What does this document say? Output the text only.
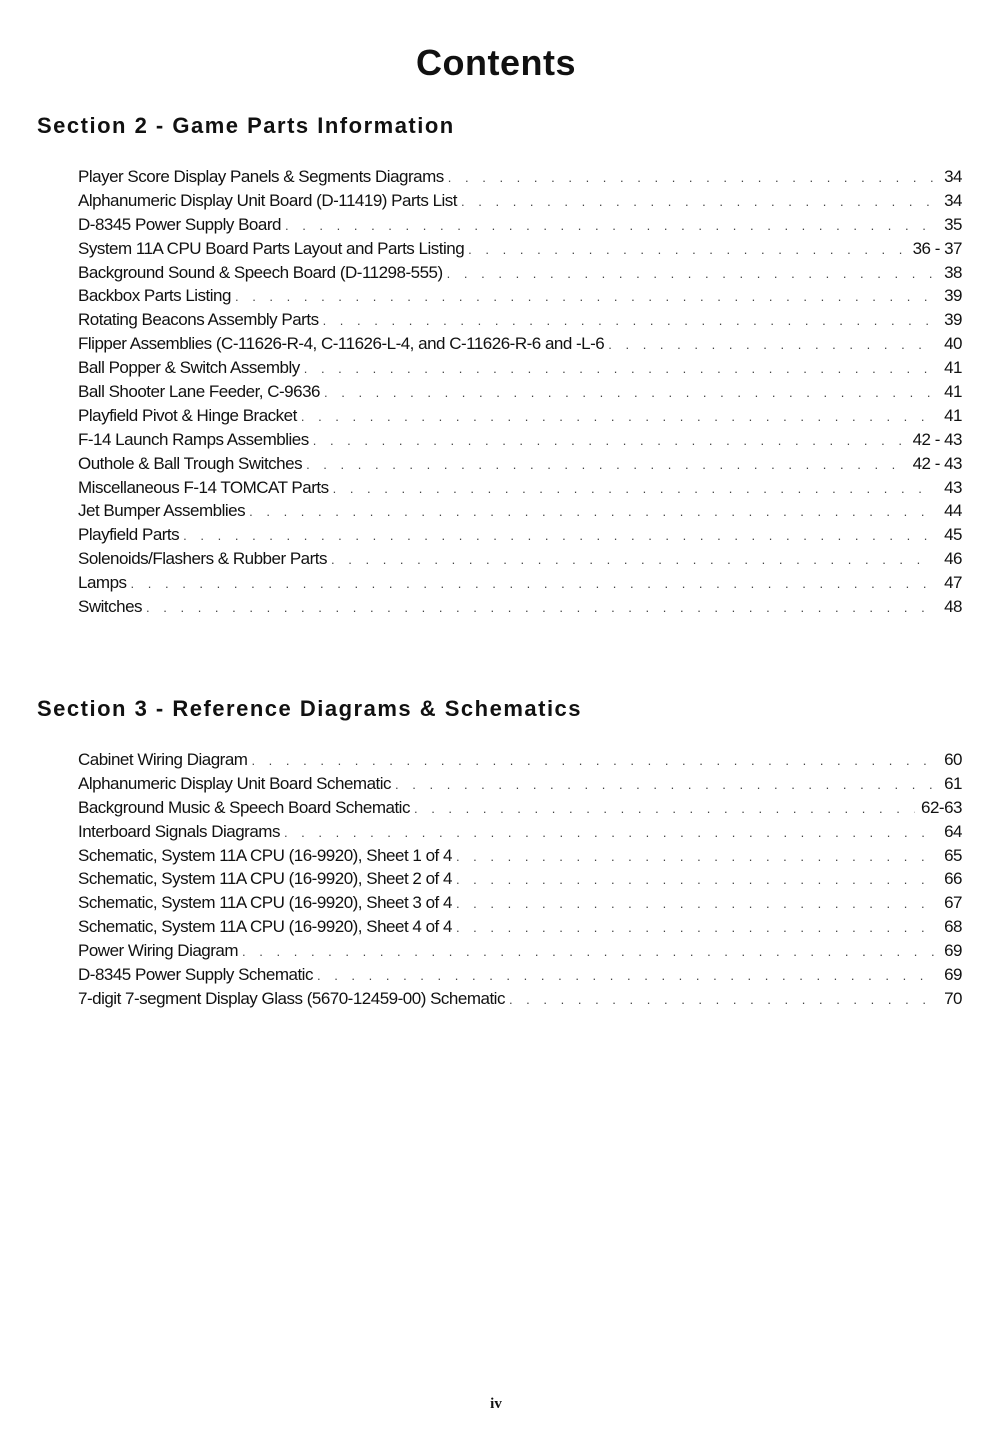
Contents
Section 2 - Game Parts Information
Player Score Display Panels & Segments Diagrams . . .	34
Alphanumeric Display Unit Board (D-11419) Parts List . . .	34
D-8345 Power Supply Board . . .	35
System 11A CPU Board Parts Layout and Parts Listing . . .	36 - 37
Background Sound & Speech Board (D-11298-555) . . .	38
Backbox Parts Listing . . .	39
Rotating Beacons Assembly Parts . . .	39
Flipper Assemblies (C-11626-R-4, C-11626-L-4, and C-11626-R-6 and -L-6 . . .	40
Ball Popper & Switch Assembly . . .	41
Ball Shooter Lane Feeder, C-9636 . . .	41
Playfield Pivot & Hinge Bracket . . .	41
F-14 Launch Ramps Assemblies . . .	42 - 43
Outhole & Ball Trough Switches . . .	42 - 43
Miscellaneous F-14 TOMCAT Parts . . .	43
Jet Bumper Assemblies . . .	44
Playfield Parts . . .	45
Solenoids/Flashers & Rubber Parts . . .	46
Lamps . . .	47
Switches . . .	48
Section 3 - Reference Diagrams & Schematics
Cabinet Wiring Diagram . . .	60
Alphanumeric Display Unit Board Schematic . . .	61
Background Music & Speech Board Schematic . . .	62-63
Interboard Signals Diagrams . . .	64
Schematic, System 11A CPU (16-9920), Sheet 1 of 4 . . .	65
Schematic, System 11A CPU (16-9920), Sheet 2 of 4 . . .	66
Schematic, System 11A CPU (16-9920), Sheet 3 of 4 . . .	67
Schematic, System 11A CPU (16-9920), Sheet 4 of 4 . . .	68
Power Wiring Diagram . . .	69
D-8345 Power Supply Schematic . . .	69
7-digit 7-segment Display Glass (5670-12459-00) Schematic . . .	70
iv
